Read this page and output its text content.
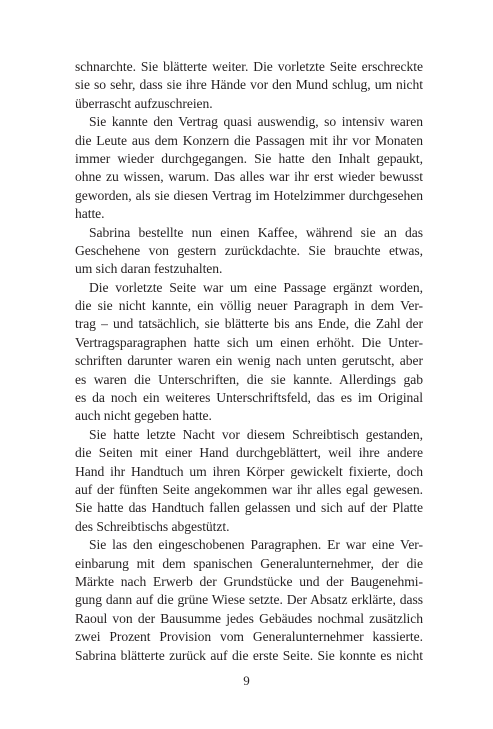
schnarchte. Sie blätterte weiter. Die vorletzte Seite erschreckte
sie so sehr, dass sie ihre Hände vor den Mund schlug, um nicht
überrascht aufzuschreien.
Sie kannte den Vertrag quasi auswendig, so intensiv waren
die Leute aus dem Konzern die Passagen mit ihr vor Monaten
immer wieder durchgegangen. Sie hatte den Inhalt gepaukt,
ohne zu wissen, warum. Das alles war ihr erst wieder bewusst
geworden, als sie diesen Vertrag im Hotelzimmer durchgesehen
hatte.
Sabrina bestellte nun einen Kaffee, während sie an das
Geschehene von gestern zurückdachte. Sie brauchte etwas,
um sich daran festzuhalten.
Die vorletzte Seite war um eine Passage ergänzt worden,
die sie nicht kannte, ein völlig neuer Paragraph in dem Ver-
trag – und tatsächlich, sie blätterte bis ans Ende, die Zahl der
Vertragsparagraphen hatte sich um einen erhöht. Die Unter-
schriften darunter waren ein wenig nach unten gerutscht, aber
es waren die Unterschriften, die sie kannte. Allerdings gab
es da noch ein weiteres Unterschriftsfeld, das es im Original
auch nicht gegeben hatte.
Sie hatte letzte Nacht vor diesem Schreibtisch gestanden,
die Seiten mit einer Hand durchgeblättert, weil ihre andere
Hand ihr Handtuch um ihren Körper gewickelt fixierte, doch
auf der fünften Seite angekommen war ihr alles egal gewesen.
Sie hatte das Handtuch fallen gelassen und sich auf der Platte
des Schreibtischs abgestützt.
Sie las den eingeschobenen Paragraphen. Er war eine Ver-
einbarung mit dem spanischen Generalunternehmer, der die
Märkte nach Erwerb der Grundstücke und der Baugenehmi-
gung dann auf die grüne Wiese setzte. Der Absatz erklärte, dass
Raoul von der Bausumme jedes Gebäudes nochmal zusätzlich
zwei Prozent Provision vom Generalunternehmer kassierte.
Sabrina blätterte zurück auf die erste Seite. Sie konnte es nicht
9
